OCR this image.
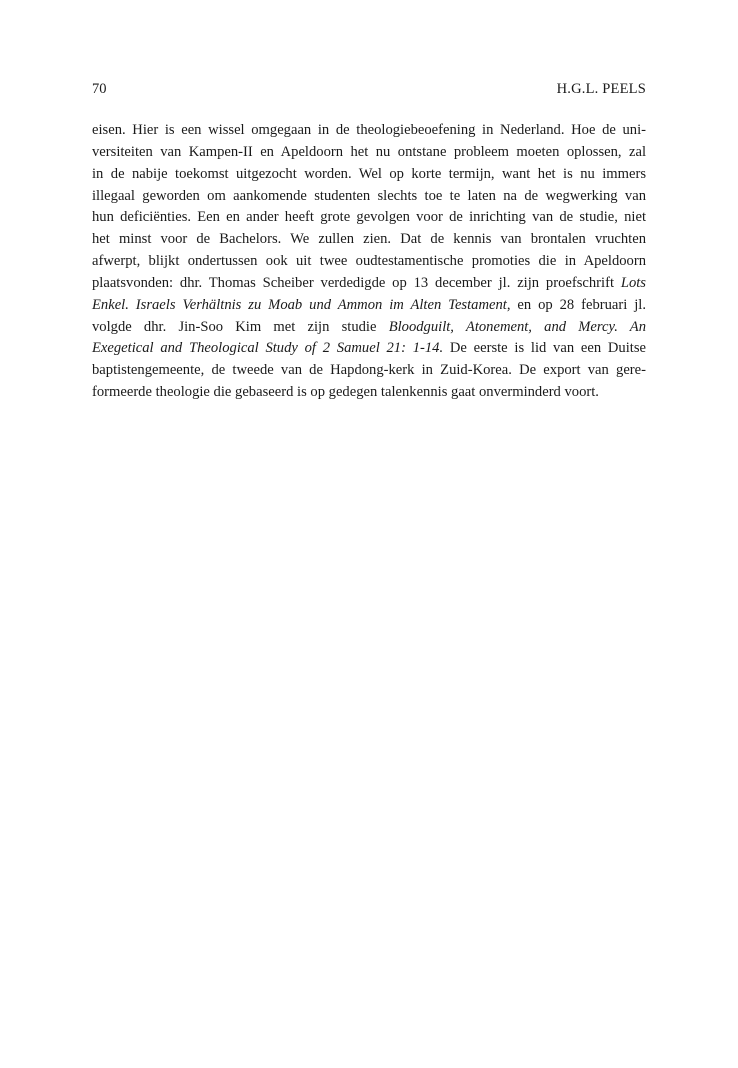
70	H.G.L. PEELS
eisen. Hier is een wissel omgegaan in de theologiebeoefening in Nederland. Hoe de uni-
versiteiten van Kampen-II en Apeldoorn het nu ontstane probleem moeten oplossen, zal
in de nabije toekomst uitgezocht worden. Wel op korte termijn, want het is nu immers
illegaal geworden om aankomende studenten slechts toe te laten na de wegwerking van
hun deficiënties. Een en ander heeft grote gevolgen voor de inrichting van de studie, niet
het minst voor de Bachelors. We zullen zien. Dat de kennis van brontalen vruchten
afwerpt, blijkt ondertussen ook uit twee oudtestamentische promoties die in Apeldoorn
plaatsvonden: dhr. Thomas Scheiber verdedigde op 13 december jl. zijn proefschrift Lots
Enkel. Israels Verhältnis zu Moab und Ammon im Alten Testament, en op 28 februari jl.
volgde dhr. Jin-Soo Kim met zijn studie Bloodguilt, Atonement, and Mercy. An
Exegetical and Theological Study of 2 Samuel 21: 1-14. De eerste is lid van een Duitse
baptistengemeente, de tweede van de Hapdong-kerk in Zuid-Korea. De export van gere-
formeerde theologie die gebaseerd is op gedegen talenkennis gaat onverminderd voort.
